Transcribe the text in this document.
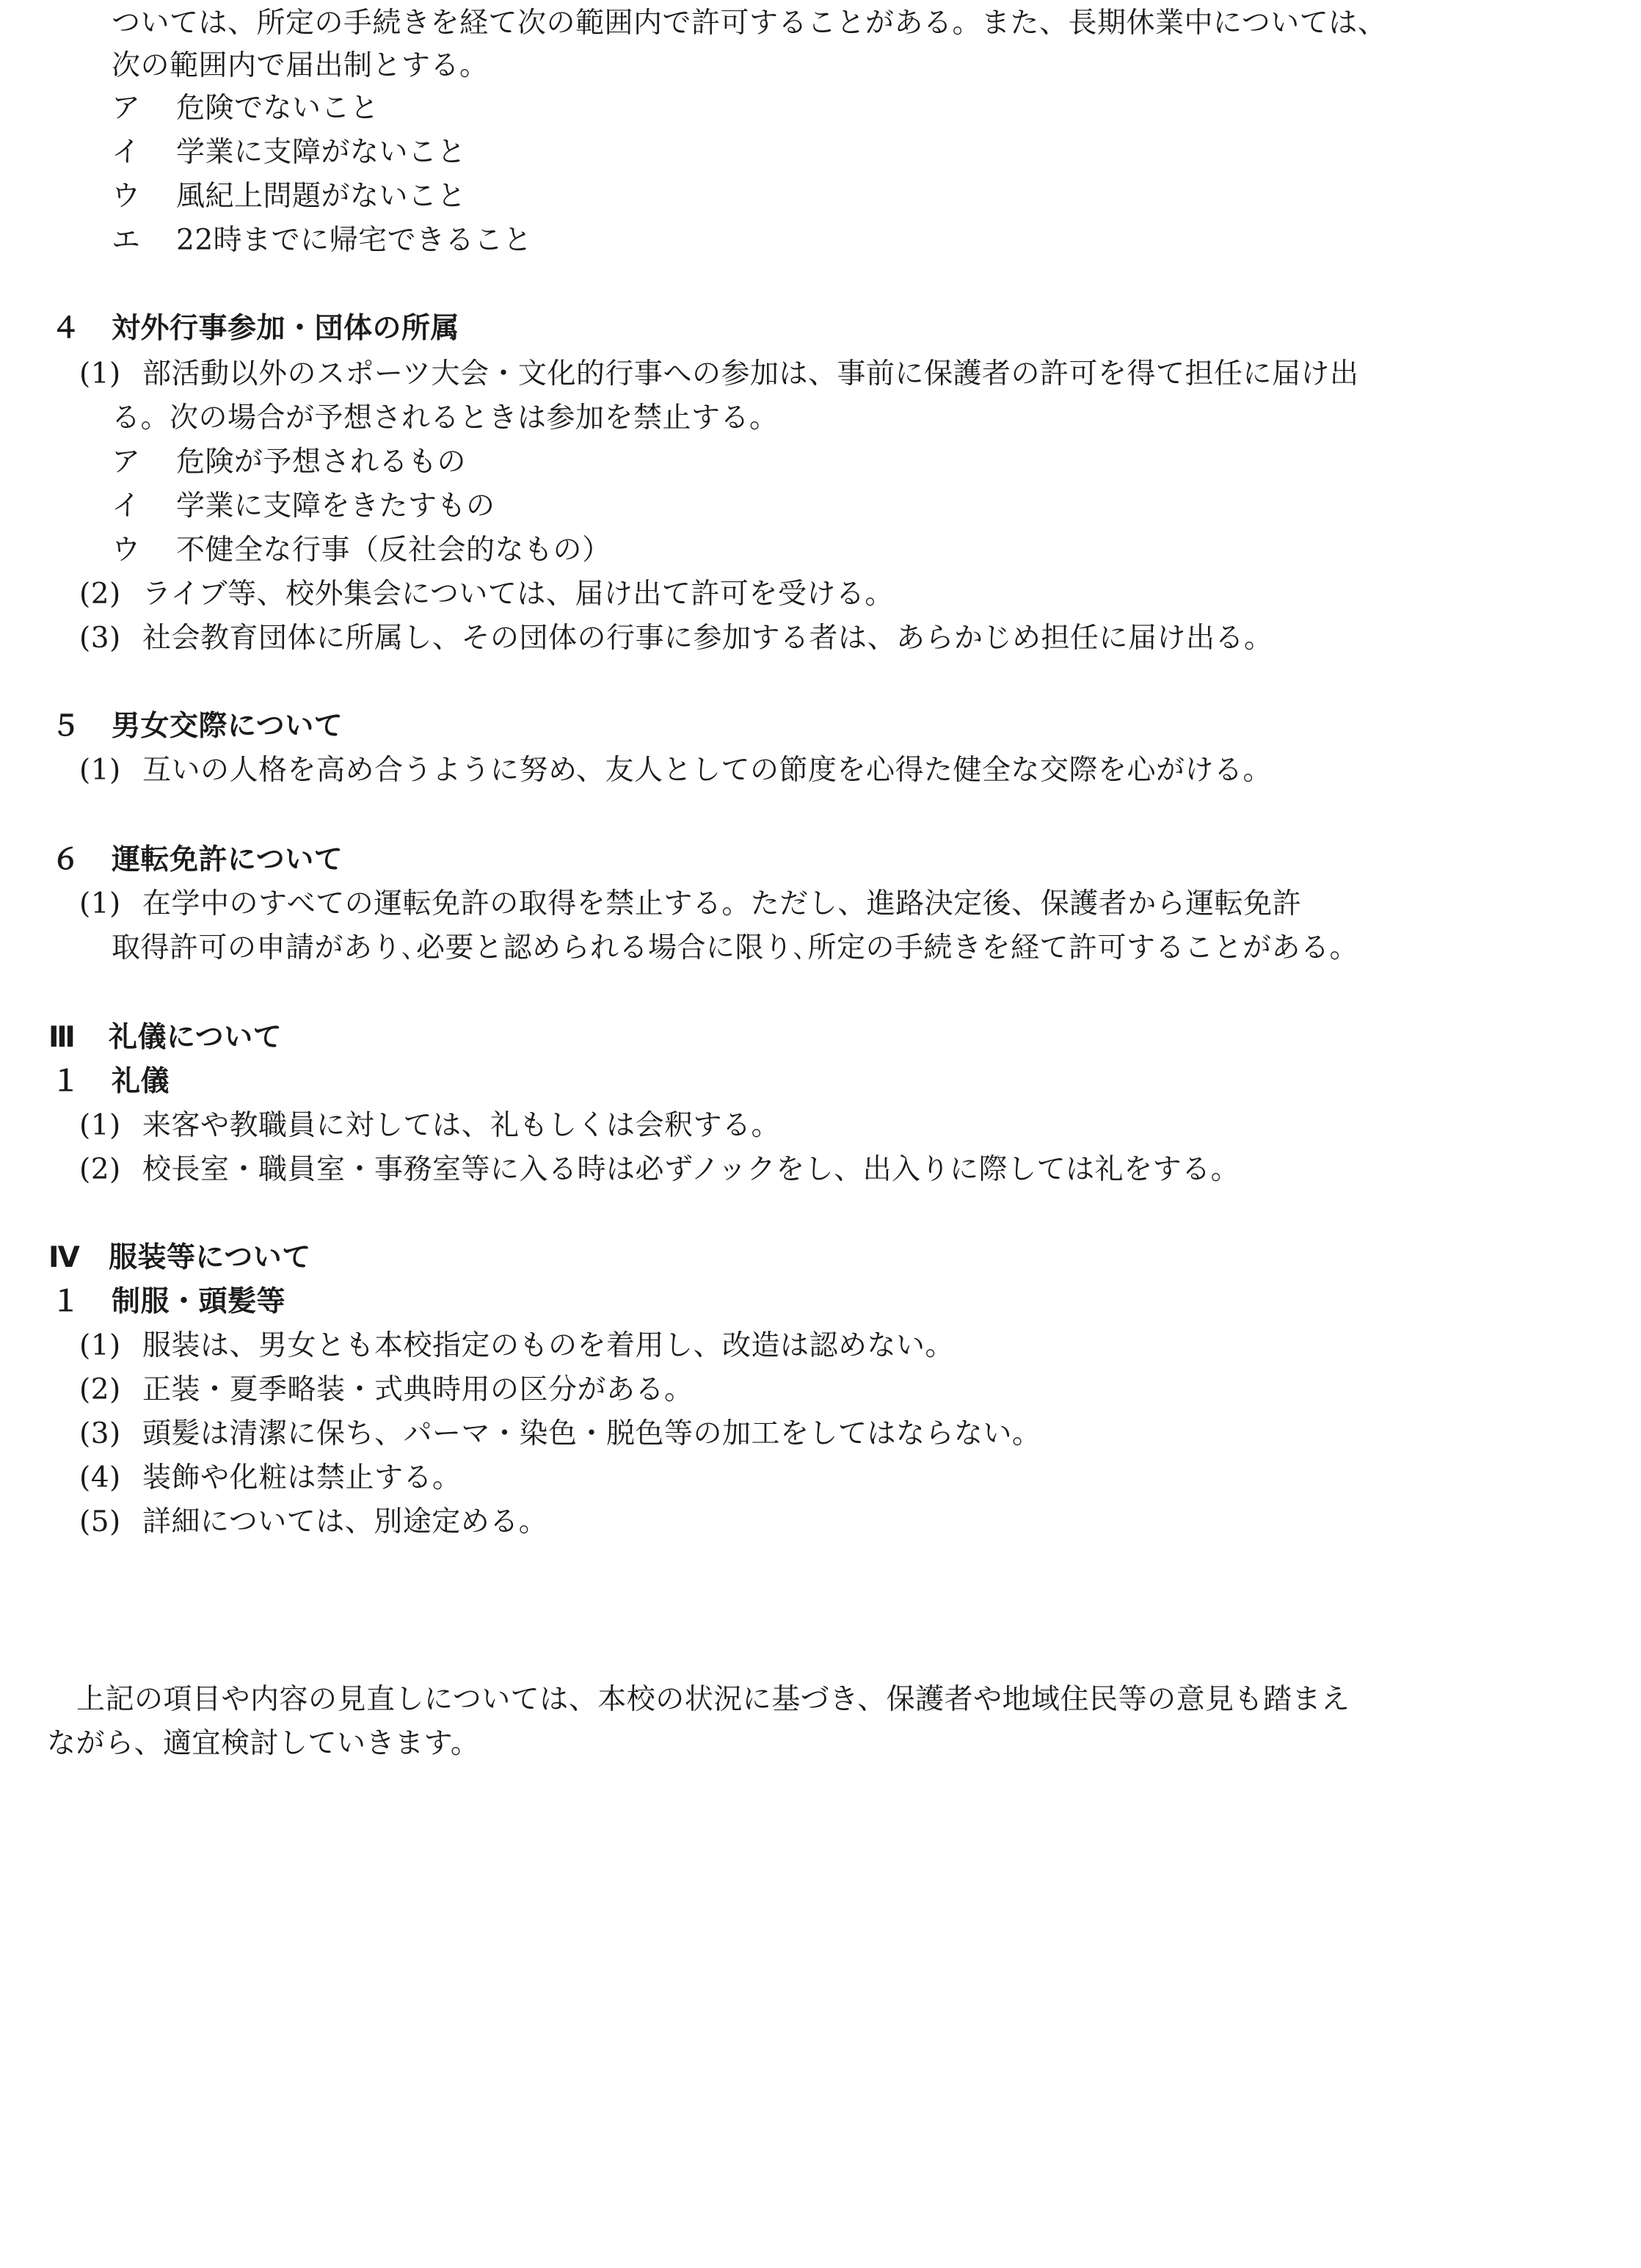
ついては、所定の手続きを経て次の範囲内で許可することがある。また、長期休業中については、
次の範囲内で届出制とする。
ア 危険でないこと
イ 学業に支障がないこと
ウ 風紀上問題がないこと
エ 22時までに帰宅できること
４ 対外行事参加・団体の所属
(1) 部活動以外のスポーツ大会・文化的行事への参加は、事前に保護者の許可を得て担任に届け出
る。次の場合が予想されるときは参加を禁止する。
ア 危険が予想されるもの
イ 学業に支障をきたすもの
ウ 不健全な行事（反社会的なもの）
(2) ライブ等、校外集会については、届け出て許可を受ける。
(3) 社会教育団体に所属し、その団体の行事に参加する者は、あらかじめ担任に届け出る。
５ 男女交際について
(1) 互いの人格を高め合うように努め、友人としての節度を心得た健全な交際を心がける。
６ 運転免許について
(1) 在学中のすべての運転免許の取得を禁止する。ただし、進路決定後、保護者から運転免許
取得許可の申請があり､必要と認められる場合に限り､所定の手続きを経て許可することがある。
Ⅲ 礼儀について
１ 礼儀
(1) 来客や教職員に対しては、礼もしくは会釈する。
(2) 校長室・職員室・事務室等に入る時は必ずノックをし、出入りに際しては礼をする。
Ⅳ 服装等について
１ 制服・頭髪等
(1) 服装は、男女とも本校指定のものを着用し、改造は認めない。
(2) 正装・夏季略装・式典時用の区分がある。
(3) 頭髪は清潔に保ち、パーマ・染色・脱色等の加工をしてはならない。
(4) 装飾や化粧は禁止する。
(5) 詳細については、別途定める。
上記の項目や内容の見直しについては、本校の状況に基づき、保護者や地域住民等の意見も踏まえ
ながら、適宜検討していきます。
